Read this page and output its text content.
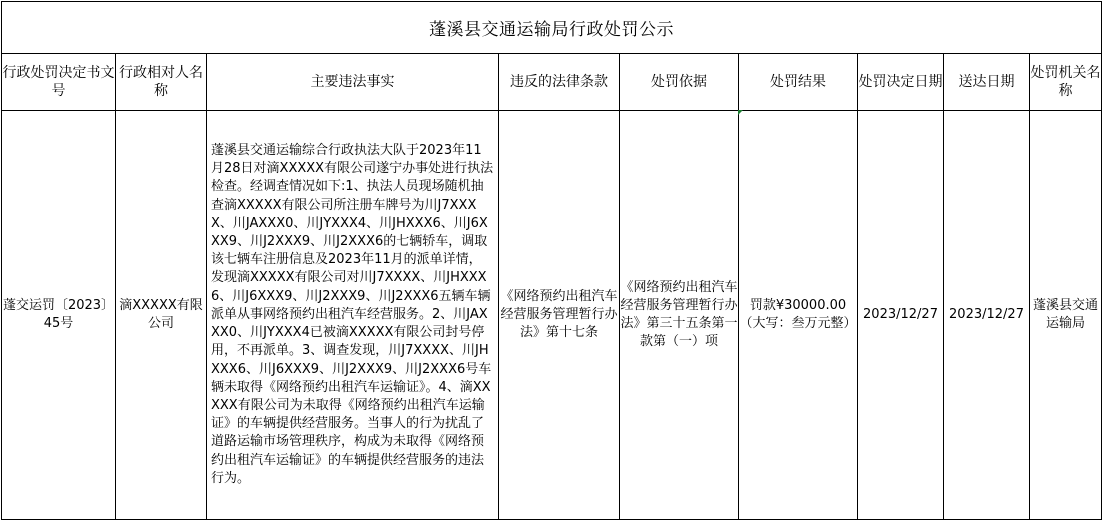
蓬溪县交通运输局行政处罚公示								
行政处罚决定书文号	行政相对人名称	主要违法事实	违反的法律条款	处罚依据	处罚结果	处罚决定日期	送达日期	处罚机关名称
蓬交运罚〔2023〕45号	滴XXXXX有限公司	蓬溪县交通运输综合行政执法大队于2023年11月28日对滴XXXXX有限公司遂宁办事处进行执法检查。经调查情况如下:1、执法人员现场随机抽查滴XXXXX有限公司所注册车牌号为川J7XXXX、川JAXXX0、川JYXXX4、川JHXXX6、川J6XXX9、川J2XXX9、川J2XXX6的七辆轿车，调取该七辆车注册信息及2023年11月的派单详情，发现滴XXXXX有限公司对川J7XXXX、川JHXXX6、川J6XXX9、川J2XXX9、川J2XXX6五辆车辆派单从事网络预约出租汽车经营服务。2、川JAXXX0、川JYXXX4已被滴XXXXX有限公司封号停用，不再派单。3、调查发现，川J7XXXX、川JHXXX6、川J6XXX9、川J2XXX9、川J2XXX6号车辆未取得《网络预约出租汽车运输证》。4、滴XXXXX有限公司为未取得《网络预约出租汽车运输证》的车辆提供经营服务。当事人的行为扰乱了道路运输市场管理秩序，构成为未取得《网络预约出租汽车运输证》的车辆提供经营服务的违法行为。	《网络预约出租汽车经营服务管理暂行办法》第十七条	《网络预约出租汽车经营服务管理暂行办法》第三十五条第一款第（一）项	罚款¥30000.00（大写：叁万元整）	2023/12/27	2023/12/27	蓬溪县交通运输局
